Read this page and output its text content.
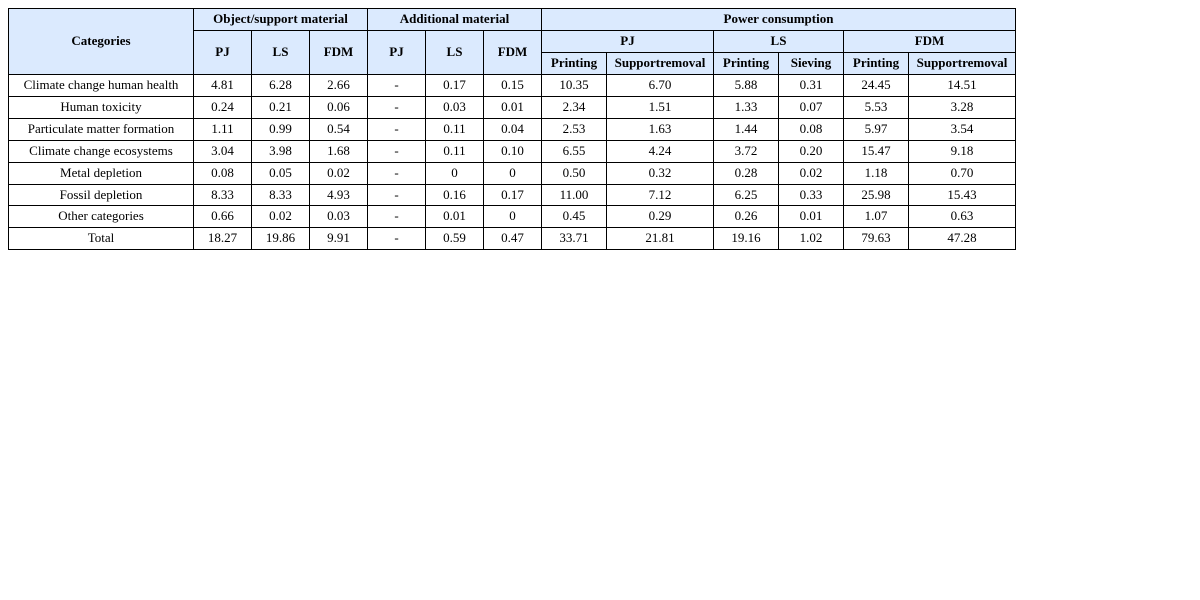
Categories	Object/support material			Additional material			Power consumption					
	PJ	LS	FDM	PJ	LS	FDM	PJ		LS		FDM	
							Printing	Supportremoval	Printing	Sieving	Printing	Supportremoval
Climate change human health	4.81	6.28	2.66	-	0.17	0.15	10.35	6.70	5.88	0.31	24.45	14.51
Human toxicity	0.24	0.21	0.06	-	0.03	0.01	2.34	1.51	1.33	0.07	5.53	3.28
Particulate matter formation	1.11	0.99	0.54	-	0.11	0.04	2.53	1.63	1.44	0.08	5.97	3.54
Climate change ecosystems	3.04	3.98	1.68	-	0.11	0.10	6.55	4.24	3.72	0.20	15.47	9.18
Metal depletion	0.08	0.05	0.02	-	0	0	0.50	0.32	0.28	0.02	1.18	0.70
Fossil depletion	8.33	8.33	4.93	-	0.16	0.17	11.00	7.12	6.25	0.33	25.98	15.43
Other categories	0.66	0.02	0.03	-	0.01	0	0.45	0.29	0.26	0.01	1.07	0.63
Total	18.27	19.86	9.91	-	0.59	0.47	33.71	21.81	19.16	1.02	79.63	47.28
